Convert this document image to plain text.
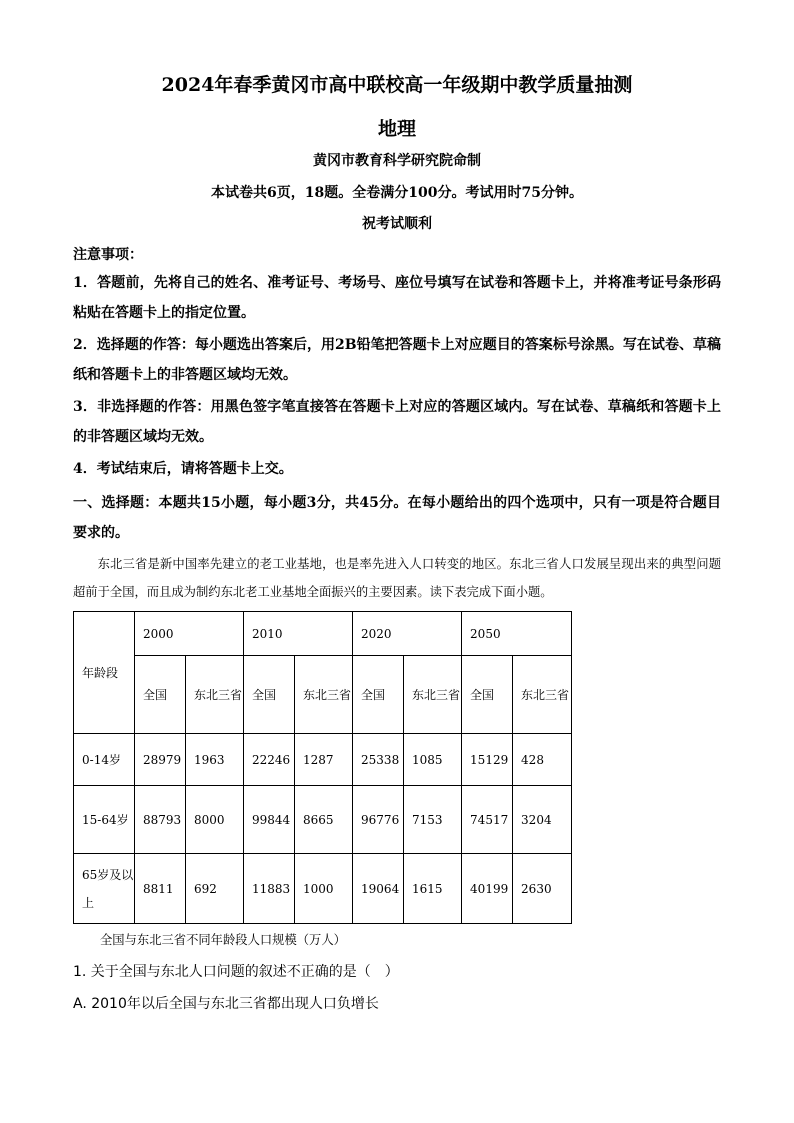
2024年春季黄冈市高中联校高一年级期中教学质量抽测
地理
黄冈市教育科学研究院命制
本试卷共6页，18题。全卷满分100分。考试用时75分钟。
祝考试顺利
注意事项：
1．答题前，先将自己的姓名、准考证号、考场号、座位号填写在试卷和答题卡上，并将准考证号条形码粘贴在答题卡上的指定位置。
2．选择题的作答：每小题选出答案后，用2B铅笔把答题卡上对应题目的答案标号涂黑。写在试卷、草稿纸和答题卡上的非答题区域均无效。
3．非选择题的作答：用黑色签字笔直接答在答题卡上对应的答题区域内。写在试卷、草稿纸和答题卡上的非答题区域均无效。
4．考试结束后，请将答题卡上交。
一、选择题：本题共15小题，每小题3分，共45分。在每小题给出的四个选项中，只有一项是符合题目要求的。
东北三省是新中国率先建立的老工业基地，也是率先进入人口转变的地区。东北三省人口发展呈现出来的典型问题超前于全国，而且成为制约东北老工业基地全面振兴的主要因素。读下表完成下面小题。
年龄段	2000		2010		2020		2050	
	全国	东北三省	全国	东北三省	全国	东北三省	全国	东北三省
0-14岁	28979	1963	22246	1287	25338	1085	15129	428
15-64岁	88793	8000	99844	8665	96776	7153	74517	3204
65岁及以上	8811	692	11883	1000	19064	1615	40199	2630
全国与东北三省不同年龄段人口规模（万人）
1. 关于全国与东北人口问题的叙述不正确的是（　）
A. 2010年以后全国与东北三省都出现人口负增长
